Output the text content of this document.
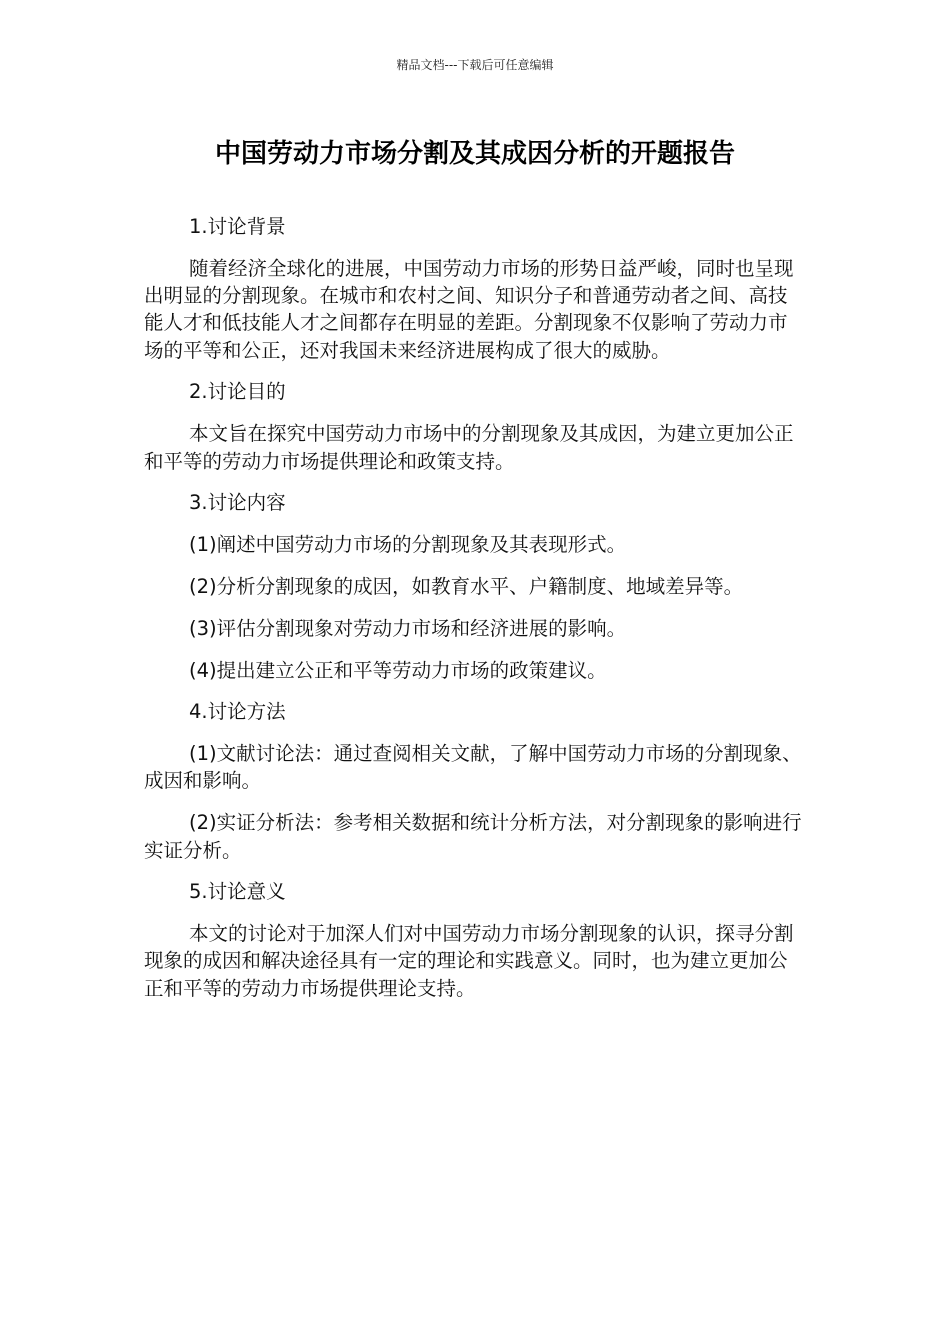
精品文档---下载后可任意编辑
中国劳动力市场分割及其成因分析的开题报告

1.讨论背景

随着经济全球化的进展，中国劳动力市场的形势日益严峻，同时也呈现出明显的分割现象。在城市和农村之间、知识分子和普通劳动者之间、高技能人才和低技能人才之间都存在明显的差距。分割现象不仅影响了劳动力市场的平等和公正，还对我国未来经济进展构成了很大的威胁。

2.讨论目的

本文旨在探究中国劳动力市场中的分割现象及其成因，为建立更加公正和平等的劳动力市场提供理论和政策支持。

3.讨论内容

(1)阐述中国劳动力市场的分割现象及其表现形式。

(2)分析分割现象的成因，如教育水平、户籍制度、地域差异等。

(3)评估分割现象对劳动力市场和经济进展的影响。

(4)提出建立公正和平等劳动力市场的政策建议。

4.讨论方法

(1)文献讨论法：通过查阅相关文献，了解中国劳动力市场的分割现象、成因和影响。

(2)实证分析法：参考相关数据和统计分析方法，对分割现象的影响进行实证分析。

5.讨论意义

本文的讨论对于加深人们对中国劳动力市场分割现象的认识，探寻分割现象的成因和解决途径具有一定的理论和实践意义。同时，也为建立更加公正和平等的劳动力市场提供理论支持。
